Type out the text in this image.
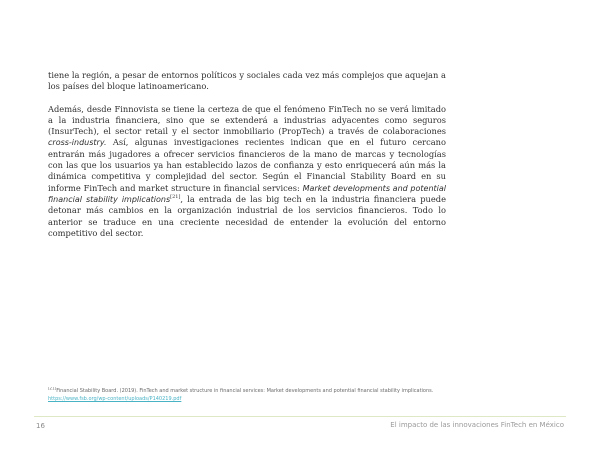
tiene la región, a pesar de entornos políticos y sociales cada vez más complejos que aquejan a los países del bloque latinoamericano.

Además, desde Finnovista se tiene la certeza de que el fenómeno FinTech no se verá limitado a la industria financiera, sino que se extenderá a industrias adyacentes como seguros (InsurTech), el sector retail y el sector inmobiliario (PropTech) a través de colaboraciones cross-industry. Así, algunas investigaciones recientes indican que en el futuro cercano entrarán más jugadores a ofrecer servicios financieros de la mano de marcas y tecnologías con las que los usuarios ya han establecido lazos de confianza y esto enriquecerá aún más la dinámica competitiva y complejidad del sector. Según el Financial Stability Board en su informe FinTech and market structure in financial services: Market developments and potential financial stability implications[21], la entrada de las big tech en la industria financiera puede detonar más cambios en la organización industrial de los servicios financieros. Todo lo anterior se traduce en una creciente necesidad de entender la evolución del entorno competitivo del sector.

[21]Financial Stability Board. (2019). FinTech and market structure in financial services: Market developments and potential financial stability implications.
https://www.fsb.org/wp-content/uploads/P140219.pdf
16	El impacto de las innovaciones FinTech en México
